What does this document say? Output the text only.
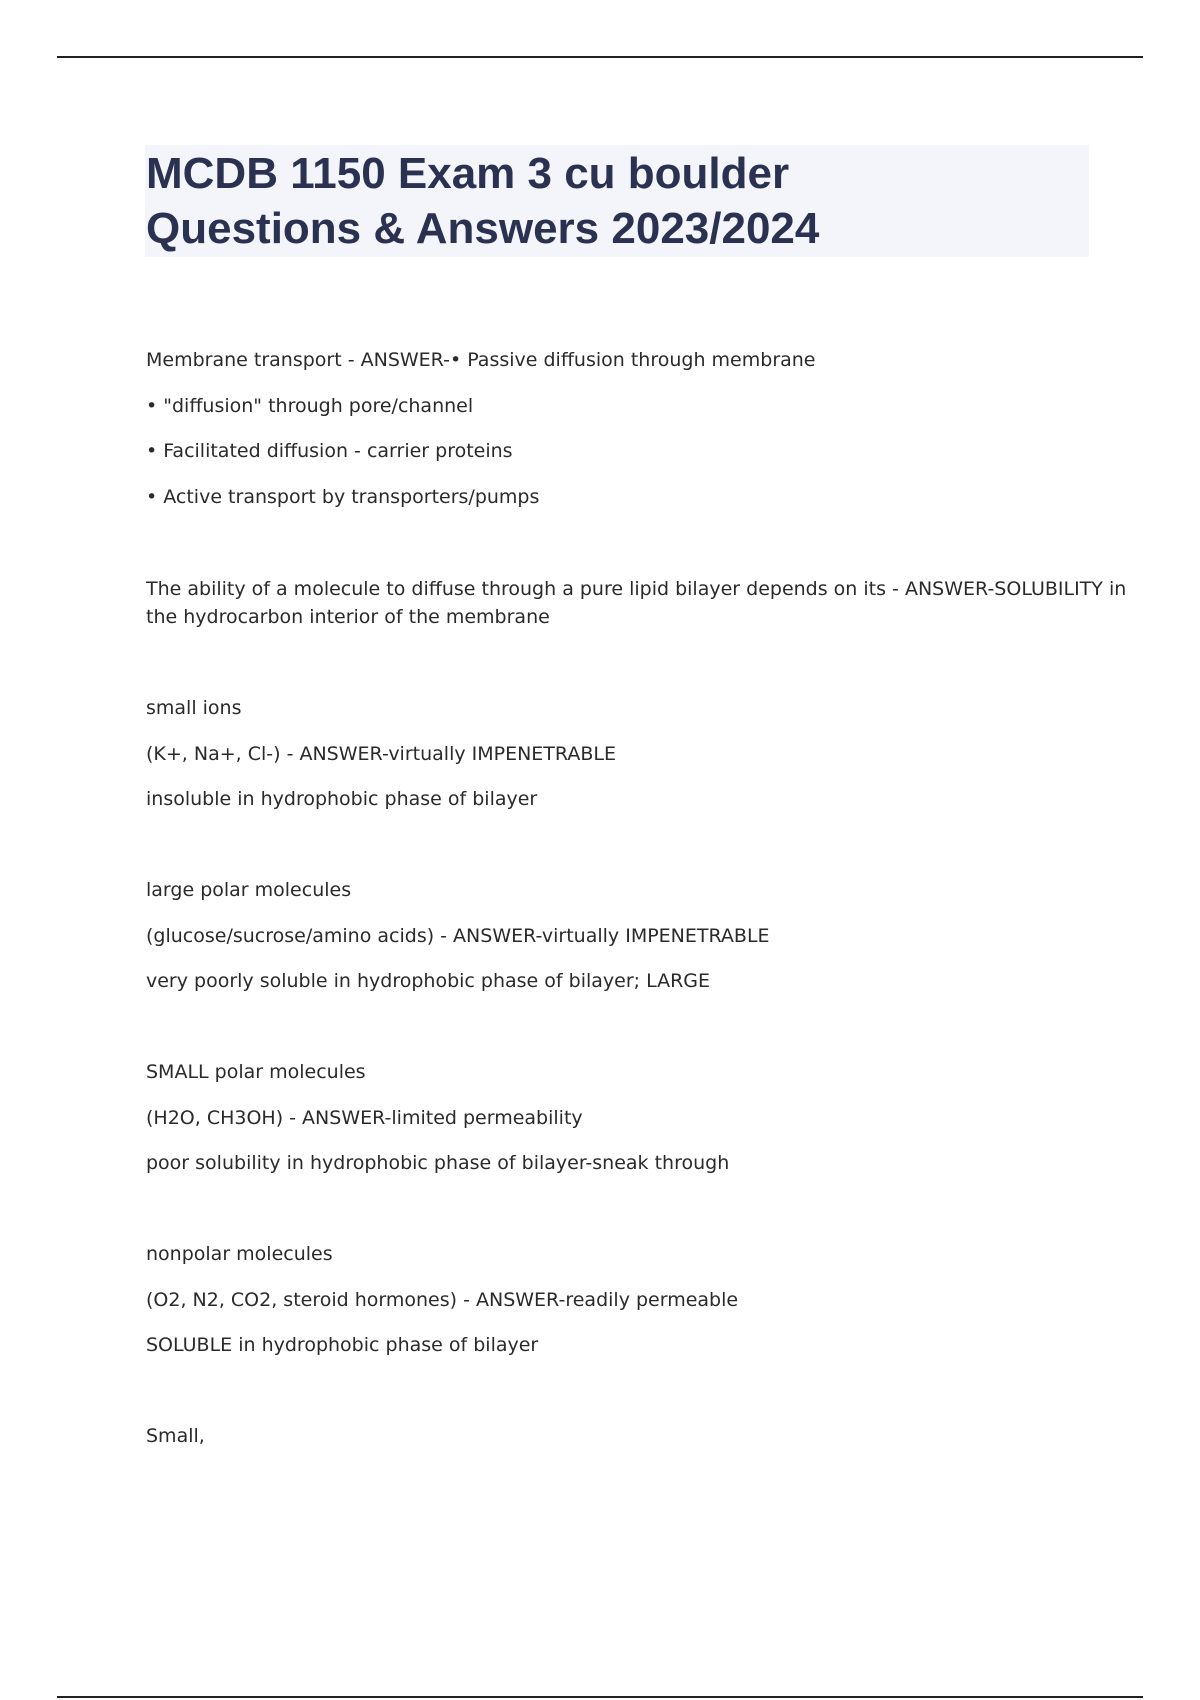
MCDB 1150 Exam 3 cu boulder
Questions & Answers 2023/2024

Membrane transport - ANSWER-• Passive diffusion through membrane

• "diffusion" through pore/channel

• Facilitated diffusion - carrier proteins

• Active transport by transporters/pumps

The ability of a molecule to diffuse through a pure lipid bilayer depends on its - ANSWER-SOLUBILITY in

the hydrocarbon interior of the membrane

small ions

(K+, Na+, Cl-) - ANSWER-virtually IMPENETRABLE

insoluble in hydrophobic phase of bilayer

large polar molecules

(glucose/sucrose/amino acids) - ANSWER-virtually IMPENETRABLE

very poorly soluble in hydrophobic phase of bilayer; LARGE

SMALL polar molecules

(H2O, CH3OH) - ANSWER-limited permeability

poor solubility in hydrophobic phase of bilayer-sneak through

nonpolar molecules

(O2, N2, CO2, steroid hormones) - ANSWER-readily permeable

SOLUBLE in hydrophobic phase of bilayer

Small,
